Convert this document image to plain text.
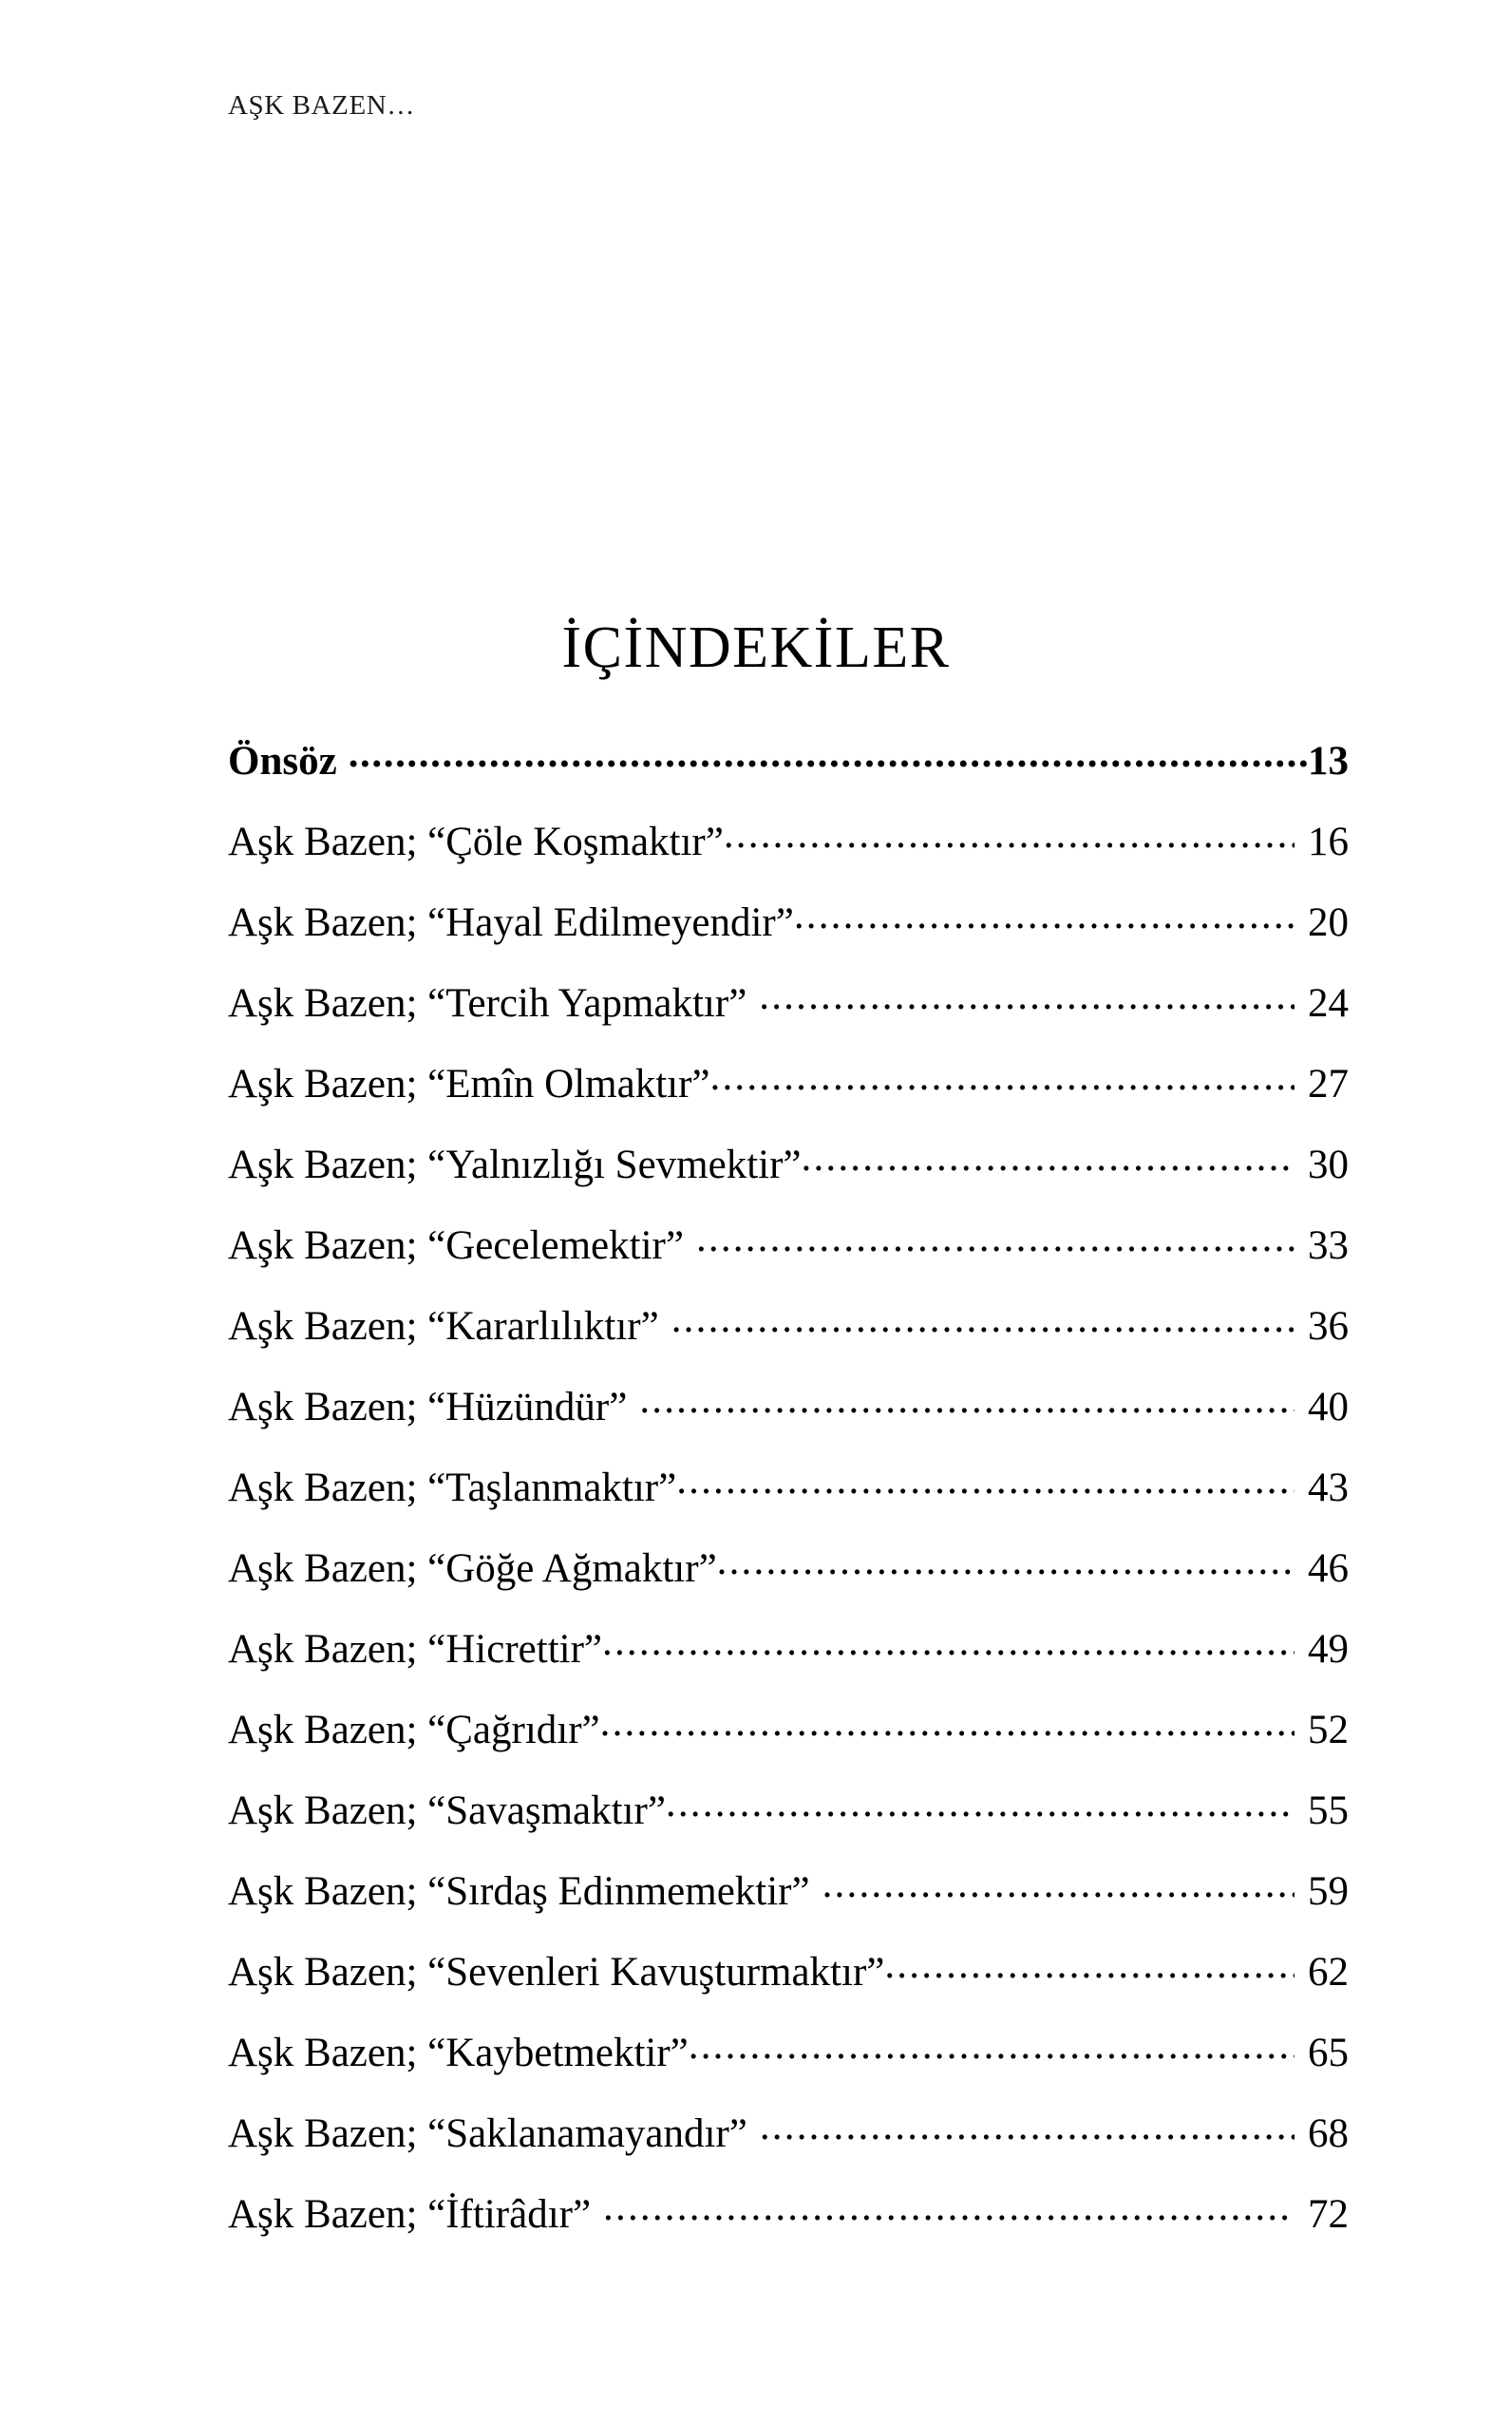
AŞK BAZEN…
İÇİNDEKİLER
Önsöz .....	13
Aşk Bazen; “Çöle Koşmaktır” .....	16
Aşk Bazen; “Hayal Edilmeyendir” .....	20
Aşk Bazen; “Tercih Yapmaktır” .....	24
Aşk Bazen; “Emîn Olmaktır” .....	27
Aşk Bazen; “Yalnızlığı Sevmektir” .....	30
Aşk Bazen; “Gecelemektir” .....	33
Aşk Bazen; “Kararlılıktır” .....	36
Aşk Bazen; “Hüzündür” .....	40
Aşk Bazen; “Taşlanmaktır” .....	43
Aşk Bazen; “Göğe Ağmaktır” .....	46
Aşk Bazen; “Hicrettir” .....	49
Aşk Bazen; “Çağrıdır” .....	52
Aşk Bazen; “Savaşmaktır” .....	55
Aşk Bazen; “Sırdaş Edinmemektir” .....	59
Aşk Bazen; “Sevenleri Kavuşturmaktır” .....	62
Aşk Bazen; “Kaybetmektir” .....	65
Aşk Bazen; “Saklanamayandır” .....	68
Aşk Bazen; “İftirâdır” .....	72
